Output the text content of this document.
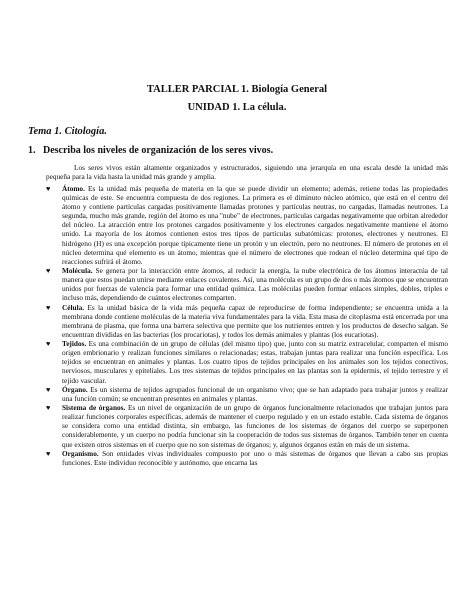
TALLER PARCIAL 1. Biología General
UNIDAD 1. La célula.
Tema 1. Citología.
1. Describa los niveles de organización de los seres vivos.

Los seres vivos están altamente organizados y estructurados, siguiendo una jerarquía en una escala desde la unidad más pequeña para la vida hasta la unidad más grande y amplia.

♥ Átomo. Es la unidad más pequeña de materia en la que se puede dividir un elemento; además, retiene todas las propiedades químicas de este. Se encuentra compuesta de dos regiones. La primera es el diminuto núcleo atómico, que está en el centro del átomo y contiene partículas cargadas positivamente llamadas protones y partículas neutras, no cargadas, llamadas neutrones. La segunda, mucho más grande, región del átomo es una "nube" de electrones, partículas cargadas negativamente que orbitan alrededor del núcleo. La atracción entre los protones cargados positivamente y los electrones cargados negativamente mantiene el átomo unido. La mayoría de los átomos contienen estos tres tipos de partículas subatómicas: protones, electrones y neutrones. El hidrógeno (H) es una excepción porque típicamente tiene un protón y un electrón, pero no neutrones. El número de protones en el núcleo determina qué elemento es un átomo, mientras que el número de electrones que rodean el núcleo determina qué tipo de reacciones sufrirá el átomo.
♥ Molécula. Se genera por la interacción entre átomos, al reducir la energía, la nube electrónica de los átomos interactúa de tal manera que estos puedan unirse mediante enlaces covalentes. Así, una molécula es un grupo de dos o más átomos que se encuentran unidos por fuerzas de valencia para formar una entidad química. Las moléculas pueden formar enlaces simples, dobles, triples e incluso más, dependiendo de cuántos electrones comparten.
♥ Célula. Es la unidad básica de la vida más pequeña capaz de reproducirse de forma independiente; se encuentra unida a la membrana donde contiene moléculas de la materia viva fundamentales para la vida. Esta masa de citoplasma está encerrada por una membrana de plasma, que forma una barrera selectiva que permite que los nutrientes entren y los productos de desecho salgan. Se encuentran divididas en las bacterias (los procariotas), y todos los demás animales y plantas (los eucariotas).
♥ Tejidos. Es una combinación de un grupo de células (del mismo tipo) que, junto con su matriz extracelular, comparten el mismo origen embrionario y realizan funciones similares o relacionadas; estas, trabajan juntas para realizar una función específica. Los tejidos se encuentran en animales y plantas. Los cuatro tipos de tejidos principales en los animales son los tejidos conectivos, nerviosos, musculares y epiteliales. Los tres sistemas de tejidos principales en las plantas son la epidermis, el tejido terrestre y el tejido vascular.
♥ Órgano. Es un sistema de tejidos agrupados funcional de un organismo vivo; que se han adaptado para trabajar juntos y realizar una función común; se encuentran presentes en animales y plantas.
♥ Sistema de órganos. Es un nivel de organización de un grupo de órganos funcionalmente relacionados que trabajan juntos para realizar funciones corporales específicas, además de mantener el cuerpo regulado y en un estado estable. Cada sistema de órganos se considera como una entidad distinta, sin embargo, las funciones de los sistemas de órganos del cuerpo se superponen considerablemente, y un cuerpo no podría funcionar sin la cooperación de todos sus sistemas de órganos. También tener en cuenta que existen otros sistemas en el cuerpo que no son sistemas de órganos; y, algunos órganos están en más de un sistema.
♥ Organismo. Son entidades vivas individuales compuesto por uno o más sistemas de órganos que llevan a cabo sus propias funciones. Este individuo reconocible y autónomo, que encarna las
